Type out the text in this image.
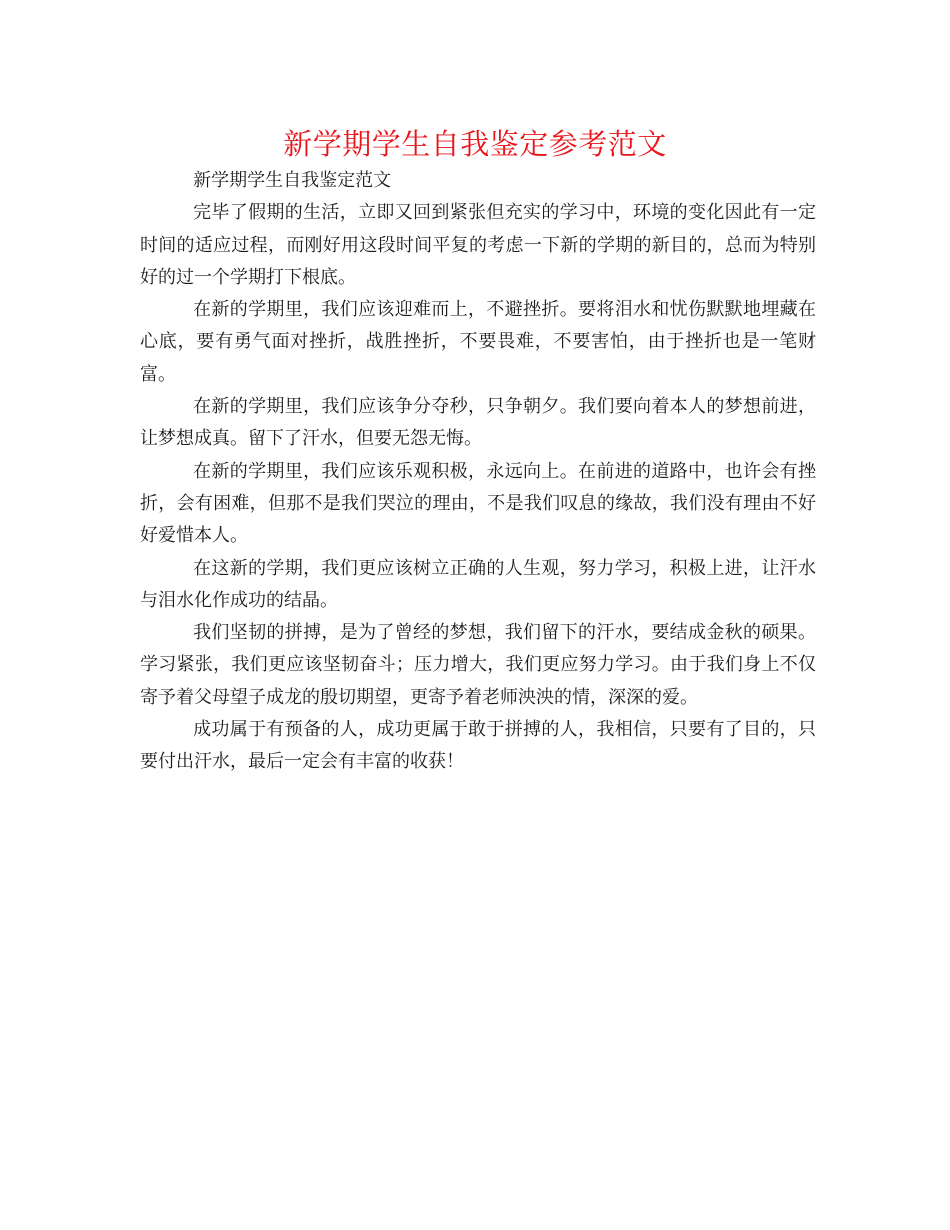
新学期学生自我鉴定参考范文

新学期学生自我鉴定范文

完毕了假期的生活，立即又回到紧张但充实的学习中，环境的变化因此有一定时间的适应过程，而刚好用这段时间平复的考虑一下新的学期的新目的，总而为特别好的过一个学期打下根底。

在新的学期里，我们应该迎难而上，不避挫折。要将泪水和忧伤默默地埋藏在心底，要有勇气面对挫折，战胜挫折，不要畏难，不要害怕，由于挫折也是一笔财富。

在新的学期里，我们应该争分夺秒，只争朝夕。我们要向着本人的梦想前进，让梦想成真。留下了汗水，但要无怨无悔。

在新的学期里，我们应该乐观积极，永远向上。在前进的道路中，也许会有挫折，会有困难，但那不是我们哭泣的理由，不是我们叹息的缘故，我们没有理由不好好爱惜本人。

在这新的学期，我们更应该树立正确的人生观，努力学习，积极上进，让汗水与泪水化作成功的结晶。

我们坚韧的拼搏，是为了曾经的梦想，我们留下的汗水，要结成金秋的硕果。学习紧张，我们更应该坚韧奋斗；压力增大，我们更应努力学习。由于我们身上不仅寄予着父母望子成龙的殷切期望，更寄予着老师泱泱的情，深深的爱。

成功属于有预备的人，成功更属于敢于拼搏的人，我相信，只要有了目的，只要付出汗水，最后一定会有丰富的收获！
